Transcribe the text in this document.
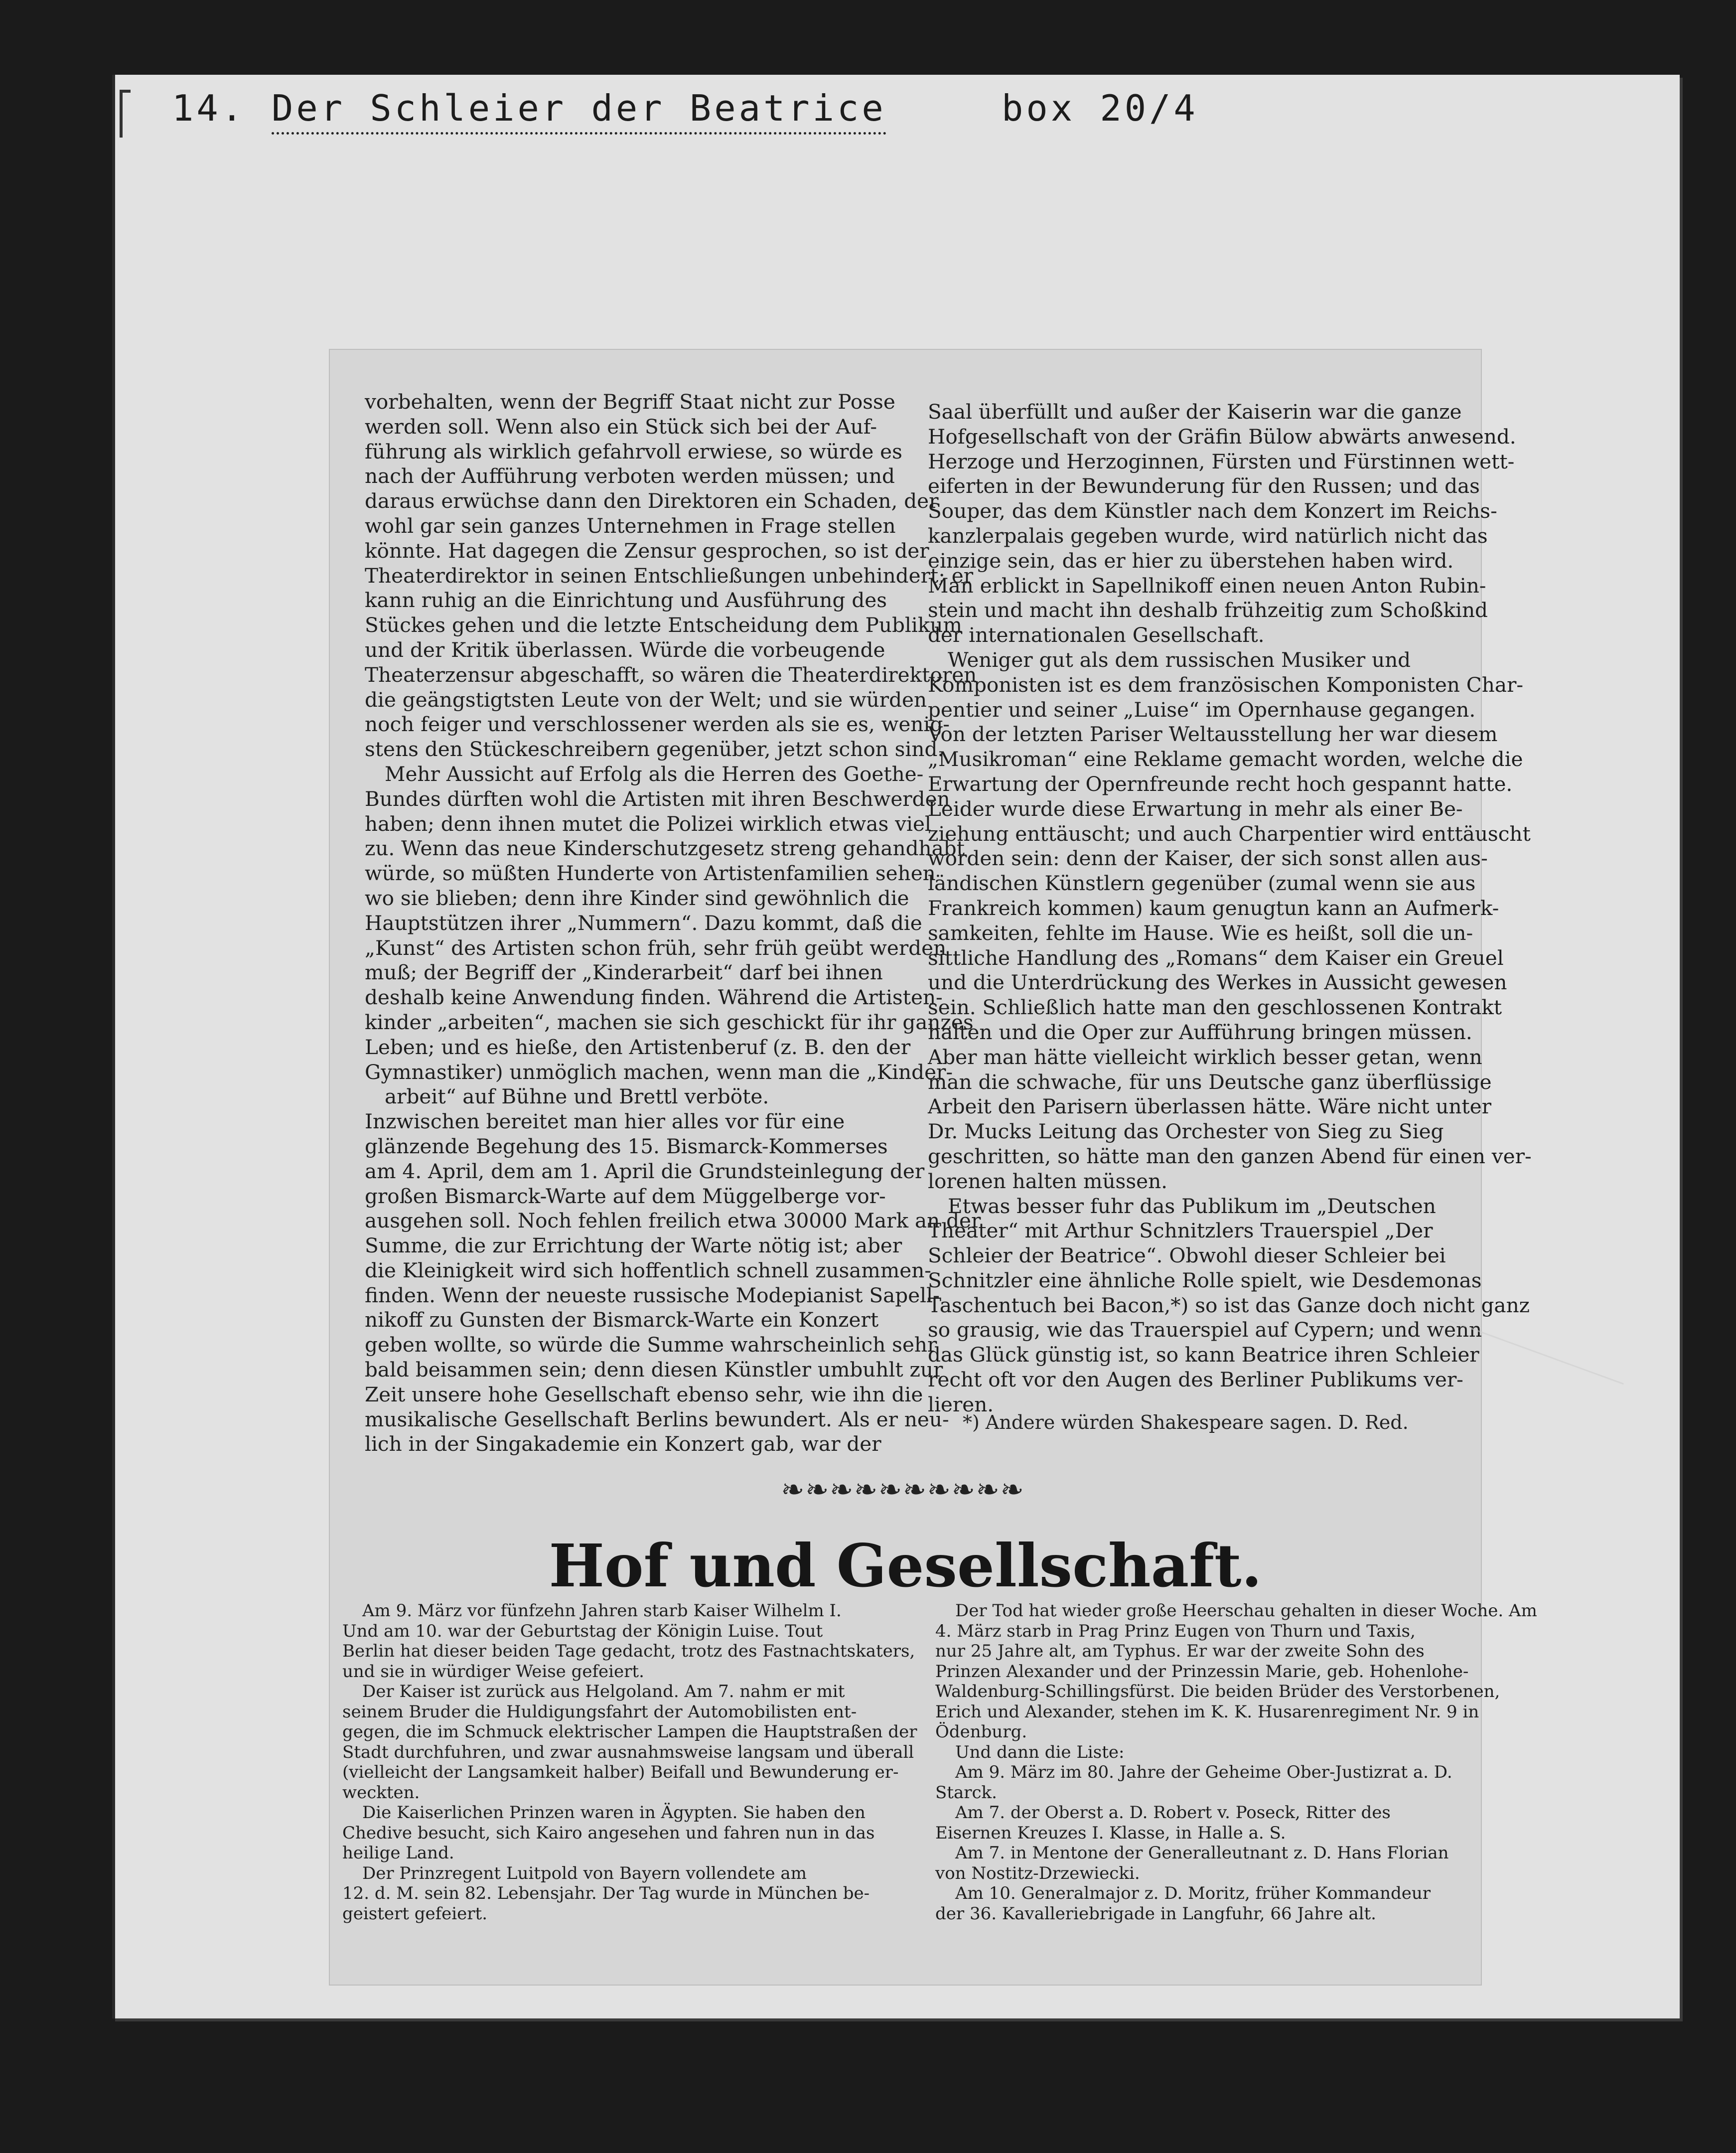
14. Der Schleier der Beatrice	box 20/4
vorbehalten, wenn der Begriff Staat nicht zur Posse
werden soll. Wenn also ein Stück sich bei der Auf-
führung als wirklich gefahrvoll erwiese, so würde es
nach der Aufführung verboten werden müssen; und
daraus erwüchse dann den Direktoren ein Schaden, der
wohl gar sein ganzes Unternehmen in Frage stellen
könnte. Hat dagegen die Zensur gesprochen, so ist der
Theaterdirektor in seinen Entschließungen unbehindert; er
kann ruhig an die Einrichtung und Ausführung des
Stückes gehen und die letzte Entscheidung dem Publikum
und der Kritik überlassen. Würde die vorbeugende
Theaterzensur abgeschafft, so wären die Theaterdirektoren
die geängstigtsten Leute von der Welt; und sie würden
noch feiger und verschlossener werden als sie es, wenig-
stens den Stückeschreibern gegenüber, jetzt schon sind.
Mehr Aussicht auf Erfolg als die Herren des Goethe-
Bundes dürften wohl die Artisten mit ihren Beschwerden
haben; denn ihnen mutet die Polizei wirklich etwas viel
zu. Wenn das neue Kinderschutzgesetz streng gehandhabt
würde, so müßten Hunderte von Artistenfamilien sehen
wo sie blieben; denn ihre Kinder sind gewöhnlich die
Hauptstützen ihrer „Nummern“. Dazu kommt, daß die
„Kunst“ des Artisten schon früh, sehr früh geübt werden
muß; der Begriff der „Kinderarbeit“ darf bei ihnen
deshalb keine Anwendung finden. Während die Artisten-
kinder „arbeiten“, machen sie sich geschickt für ihr ganzes
Leben; und es hieße, den Artistenberuf (z. B. den der
Gymnastiker) unmöglich machen, wenn man die „Kinder-
arbeit“ auf Bühne und Brettl verböte.
Inzwischen bereitet man hier alles vor für eine
glänzende Begehung des 15. Bismarck-Kommerses
am 4. April, dem am 1. April die Grundsteinlegung der
großen Bismarck-Warte auf dem Müggelberge vor-
ausgehen soll. Noch fehlen freilich etwa 30000 Mark an der
Summe, die zur Errichtung der Warte nötig ist; aber
die Kleinigkeit wird sich hoffentlich schnell zusammen-
finden. Wenn der neueste russische Modepianist Sapell-
nikoff zu Gunsten der Bismarck-Warte ein Konzert
geben wollte, so würde die Summe wahrscheinlich sehr
bald beisammen sein; denn diesen Künstler umbuhlt zur
Zeit unsere hohe Gesellschaft ebenso sehr, wie ihn die
musikalische Gesellschaft Berlins bewundert. Als er neu-
lich in der Singakademie ein Konzert gab, war der
Saal überfüllt und außer der Kaiserin war die ganze
Hofgesellschaft von der Gräfin Bülow abwärts anwesend.
Herzoge und Herzoginnen, Fürsten und Fürstinnen wett-
eiferten in der Bewunderung für den Russen; und das
Souper, das dem Künstler nach dem Konzert im Reichs-
kanzlerpalais gegeben wurde, wird natürlich nicht das
einzige sein, das er hier zu überstehen haben wird.
Man erblickt in Sapellnikoff einen neuen Anton Rubin-
stein und macht ihn deshalb frühzeitig zum Schoßkind
der internationalen Gesellschaft.
Weniger gut als dem russischen Musiker und
Komponisten ist es dem französischen Komponisten Char-
pentier und seiner „Luise“ im Opernhause gegangen.
Von der letzten Pariser Weltausstellung her war diesem
„Musikroman“ eine Reklame gemacht worden, welche die
Erwartung der Opernfreunde recht hoch gespannt hatte.
Leider wurde diese Erwartung in mehr als einer Be-
ziehung enttäuscht; und auch Charpentier wird enttäuscht
worden sein: denn der Kaiser, der sich sonst allen aus-
ländischen Künstlern gegenüber (zumal wenn sie aus
Frankreich kommen) kaum genugtun kann an Aufmerk-
samkeiten, fehlte im Hause. Wie es heißt, soll die un-
sittliche Handlung des „Romans“ dem Kaiser ein Greuel
und die Unterdrückung des Werkes in Aussicht gewesen
sein. Schließlich hatte man den geschlossenen Kontrakt
halten und die Oper zur Aufführung bringen müssen.
Aber man hätte vielleicht wirklich besser getan, wenn
man die schwache, für uns Deutsche ganz überflüssige
Arbeit den Parisern überlassen hätte. Wäre nicht unter
Dr. Mucks Leitung das Orchester von Sieg zu Sieg
geschritten, so hätte man den ganzen Abend für einen ver-
lorenen halten müssen.
Etwas besser fuhr das Publikum im „Deutschen
Theater“ mit Arthur Schnitzlers Trauerspiel „Der
Schleier der Beatrice“. Obwohl dieser Schleier bei
Schnitzler eine ähnliche Rolle spielt, wie Desdemonas
Taschentuch bei Bacon,*) so ist das Ganze doch nicht ganz
so grausig, wie das Trauerspiel auf Cypern; und wenn
das Glück günstig ist, so kann Beatrice ihren Schleier
recht oft vor den Augen des Berliner Publikums ver-
lieren.
*) Andere würden Shakespeare sagen. D. Red.
❧❧❧❧❧❧❧❧❧❧
Hof und Gesellschaft.
Am 9. März vor fünfzehn Jahren starb Kaiser Wilhelm I.
Und am 10. war der Geburtstag der Königin Luise. Tout
Berlin hat dieser beiden Tage gedacht, trotz des Fastnachtskaters,
und sie in würdiger Weise gefeiert.
Der Kaiser ist zurück aus Helgoland. Am 7. nahm er mit
seinem Bruder die Huldigungsfahrt der Automobilisten ent-
gegen, die im Schmuck elektrischer Lampen die Hauptstraßen der
Stadt durchfuhren, und zwar ausnahmsweise langsam und überall
(vielleicht der Langsamkeit halber) Beifall und Bewunderung er-
weckten.
Die Kaiserlichen Prinzen waren in Ägypten. Sie haben den
Chedive besucht, sich Kairo angesehen und fahren nun in das
heilige Land.
Der Prinzregent Luitpold von Bayern vollendete am
12. d. M. sein 82. Lebensjahr. Der Tag wurde in München be-
geistert gefeiert.
Der Tod hat wieder große Heerschau gehalten in dieser Woche. Am
4. März starb in Prag Prinz Eugen von Thurn und Taxis,
nur 25 Jahre alt, am Typhus. Er war der zweite Sohn des
Prinzen Alexander und der Prinzessin Marie, geb. Hohenlohe-
Waldenburg-Schillingsfürst. Die beiden Brüder des Verstorbenen,
Erich und Alexander, stehen im K. K. Husarenregiment Nr. 9 in
Ödenburg.
Und dann die Liste:
Am 9. März im 80. Jahre der Geheime Ober-Justizrat a. D.
Starck.
Am 7. der Oberst a. D. Robert v. Poseck, Ritter des
Eisernen Kreuzes I. Klasse, in Halle a. S.
Am 7. in Mentone der Generalleutnant z. D. Hans Florian
von Nostitz-Drzewiecki.
Am 10. Generalmajor z. D. Moritz, früher Kommandeur
der 36. Kavalleriebrigade in Langfuhr, 66 Jahre alt.
